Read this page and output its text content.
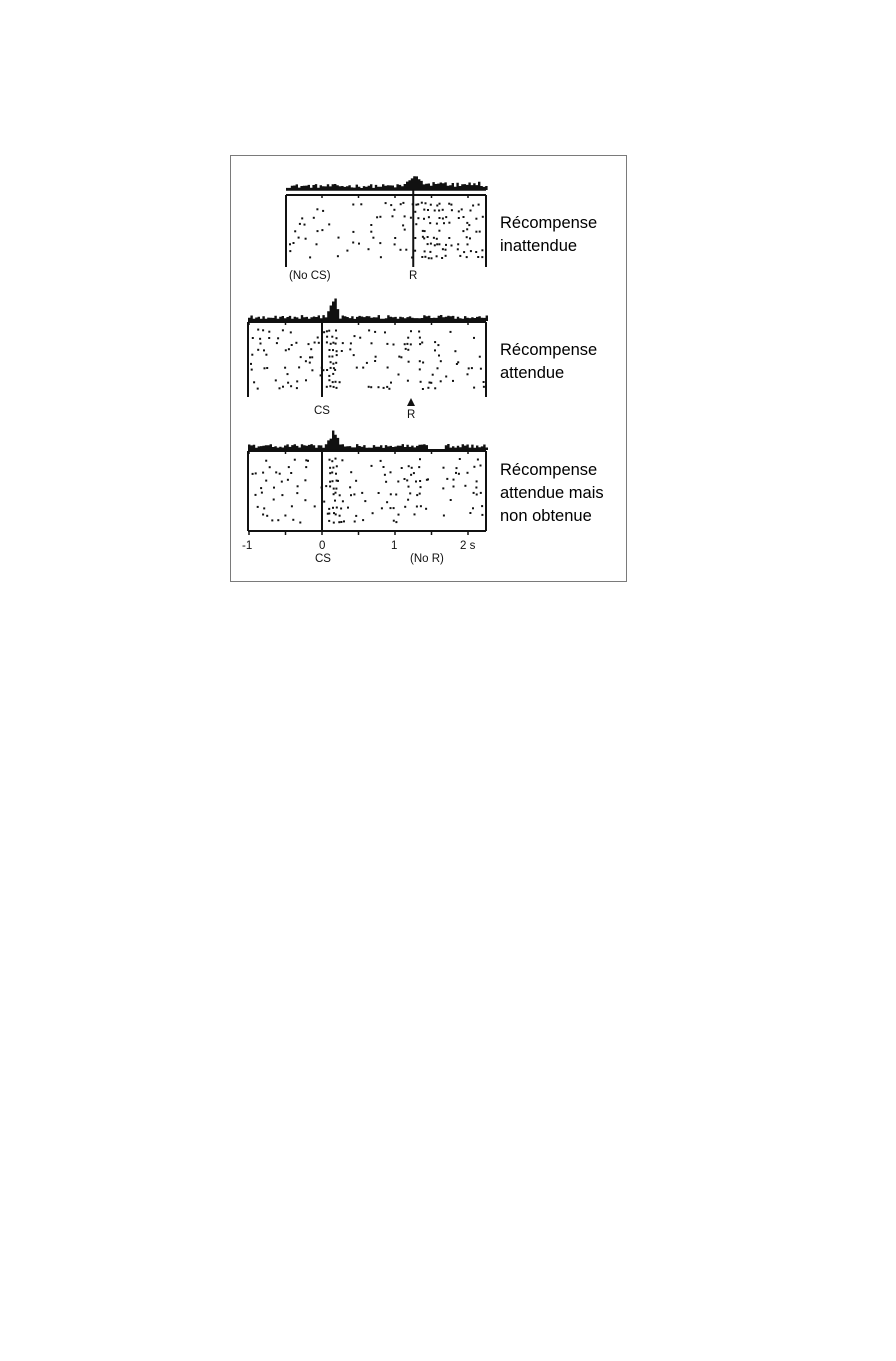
(No CS)	R
CS	R
-1	0	1	2 s
CS	(No R)
Récompense
inattendue
Récompense
attendue
Récompense
attendue mais
non obtenue
